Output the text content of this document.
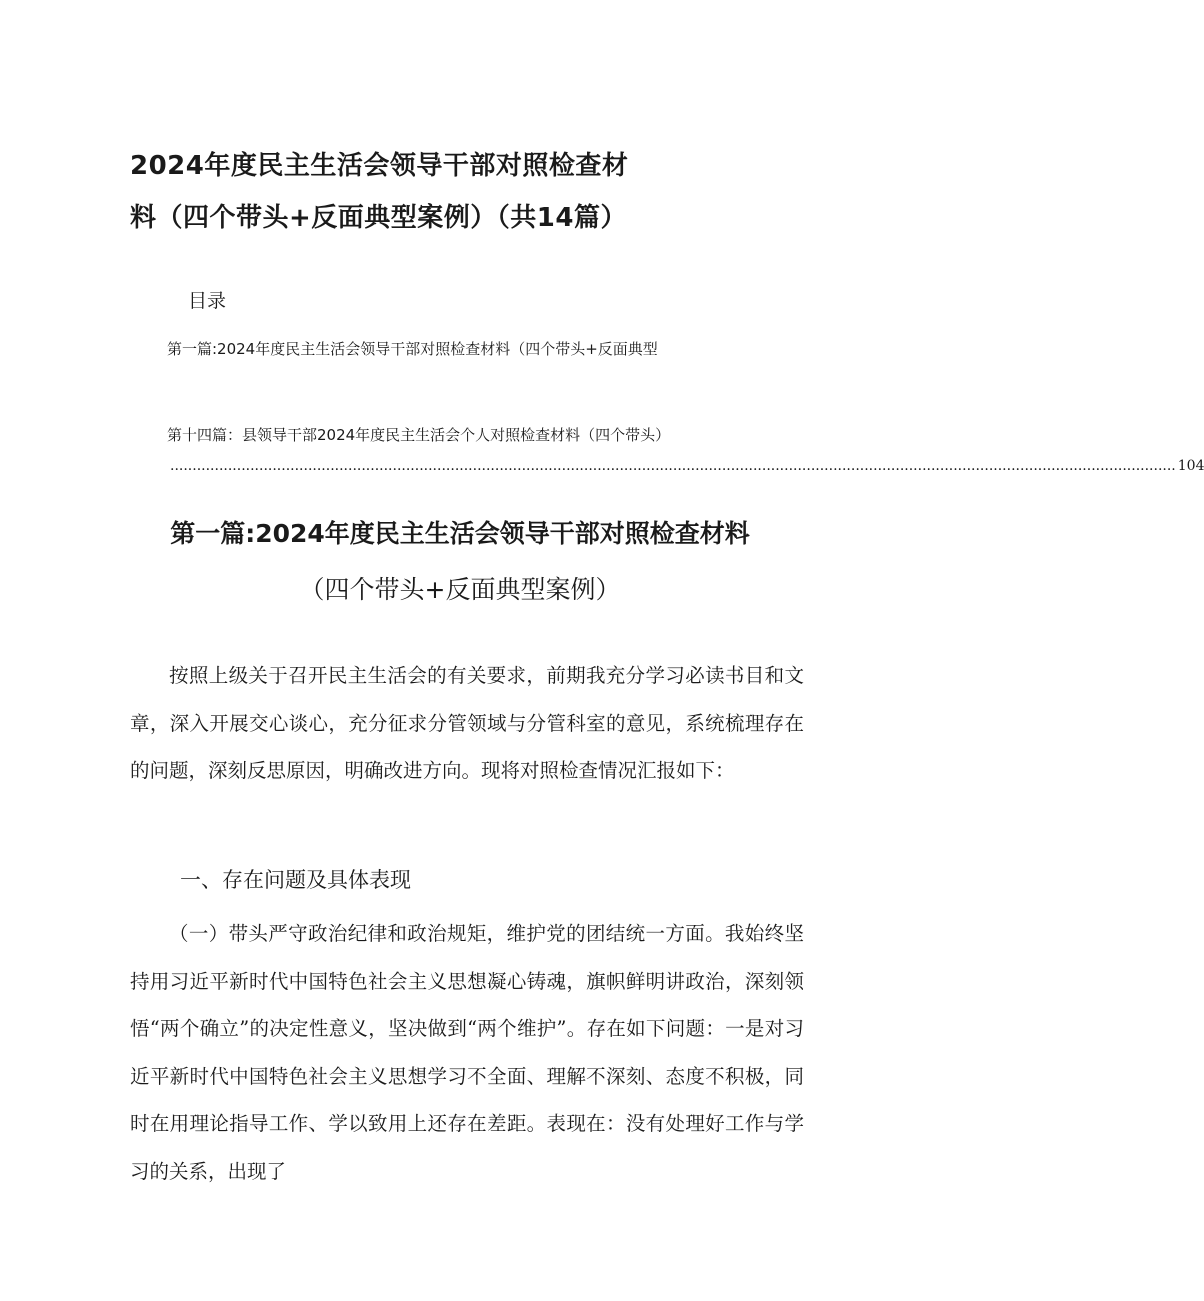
2024年度民主生活会领导干部对照检查材
料（四个带头+反面典型案例）（共14篇）
目录
第一篇:2024年度民主生活会领导干部对照检查材料（四个带头+反面典型
第十四篇：县领导干部2024年度民主生活会个人对照检查材料（四个带头）
.................................................................................................................................................................................................................................. 104
第一篇:2024年度民主生活会领导干部对照检查材料
（四个带头+反面典型案例）

按照上级关于召开民主生活会的有关要求，前期我充分学习必读书目和文章，深入开展交心谈心，充分征求分管领域与分管科室的意见，系统梳理存在的问题，深刻反思原因，明确改进方向。现将对照检查情况汇报如下：

一、存在问题及具体表现

（一）带头严守政治纪律和政治规矩，维护党的团结统一方面。我始终坚持用习近平新时代中国特色社会主义思想凝心铸魂，旗帜鲜明讲政治，深刻领悟“两个确立”的决定性意义，坚决做到“两个维护”。存在如下问题：一是对习近平新时代中国特色社会主义思想学习不全面、理解不深刻、态度不积极，同时在用理论指导工作、学以致用上还存在差距。表现在：没有处理好工作与学习的关系，出现了
